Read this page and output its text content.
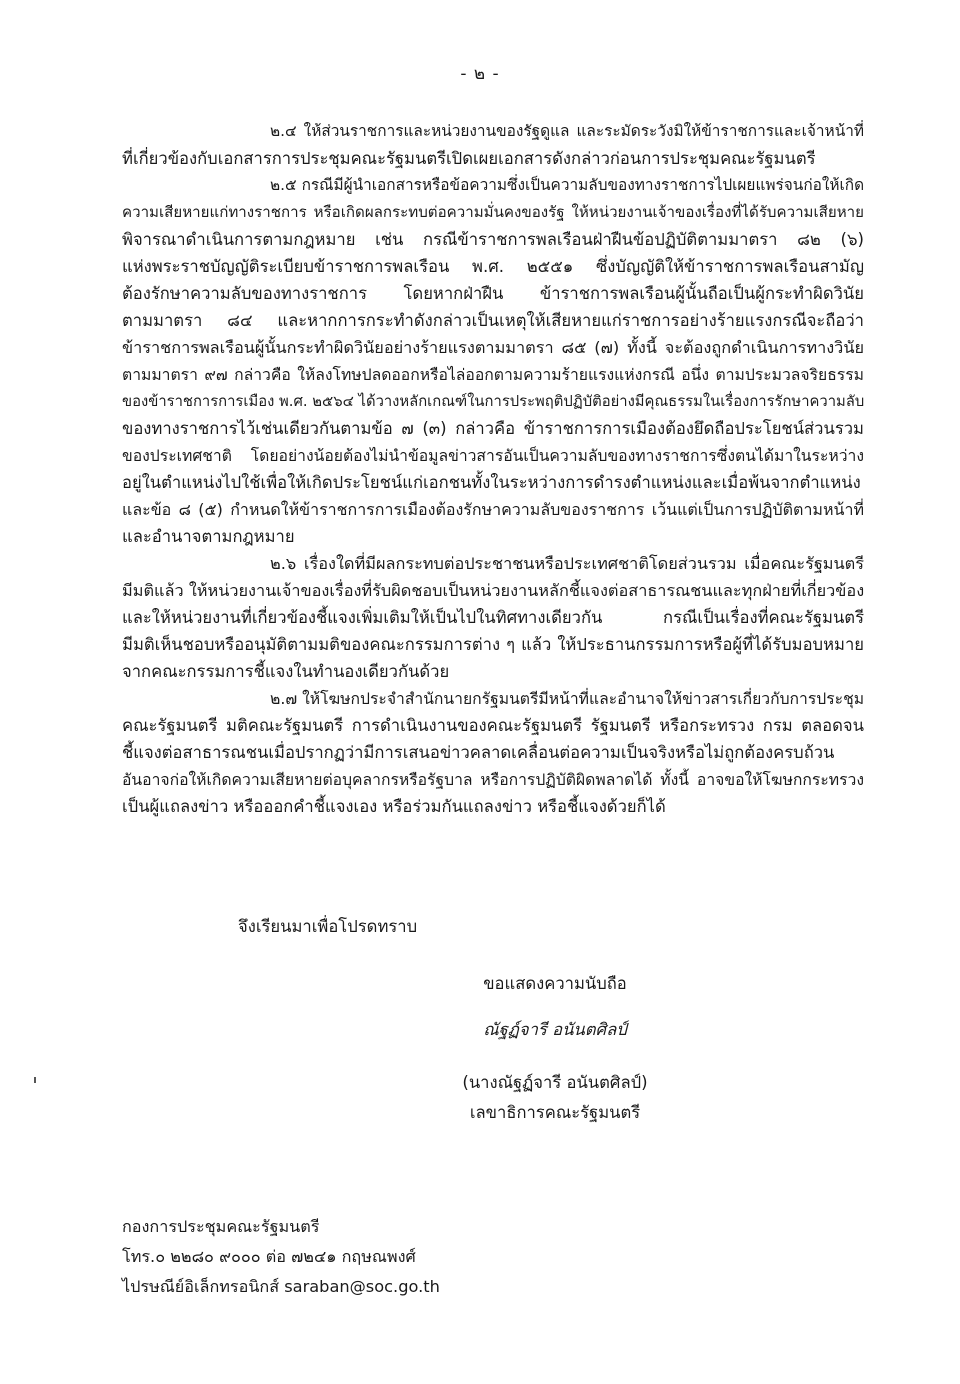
- ๒ -
๒.๔ ให้ส่วนราชการและหน่วยงานของรัฐดูแล และระมัดระวังมิให้ข้าราชการและเจ้าหน้าที่
ที่เกี่ยวข้องกับเอกสารการประชุมคณะรัฐมนตรีเปิดเผยเอกสารดังกล่าวก่อนการประชุมคณะรัฐมนตรี
๒.๕ กรณีมีผู้นำเอกสารหรือข้อความซึ่งเป็นความลับของทางราชการไปเผยแพร่จนก่อให้เกิด
ความเสียหายแก่ทางราชการ หรือเกิดผลกระทบต่อความมั่นคงของรัฐ ให้หน่วยงานเจ้าของเรื่องที่ได้รับความเสียหาย
พิจารณาดำเนินการตามกฎหมาย เช่น กรณีข้าราชการพลเรือนฝ่าฝืนข้อปฏิบัติตามมาตรา ๘๒ (๖)
แห่งพระราชบัญญัติระเบียบข้าราชการพลเรือน พ.ศ. ๒๕๕๑ ซึ่งบัญญัติให้ข้าราชการพลเรือนสามัญ
ต้องรักษาความลับของทางราชการ โดยหากฝ่าฝืน ข้าราชการพลเรือนผู้นั้นถือเป็นผู้กระทำผิดวินัย
ตามมาตรา ๘๔ และหากการกระทำดังกล่าวเป็นเหตุให้เสียหายแก่ราชการอย่างร้ายแรงกรณีจะถือว่า
ข้าราชการพลเรือนผู้นั้นกระทำผิดวินัยอย่างร้ายแรงตามมาตรา ๘๕ (๗) ทั้งนี้ จะต้องถูกดำเนินการทางวินัย
ตามมาตรา ๙๗ กล่าวคือ ให้ลงโทษปลดออกหรือไล่ออกตามความร้ายแรงแห่งกรณี อนึ่ง ตามประมวลจริยธรรม
ของข้าราชการการเมือง พ.ศ. ๒๕๖๔ ได้วางหลักเกณฑ์ในการประพฤติปฏิบัติอย่างมีคุณธรรมในเรื่องการรักษาความลับ
ของทางราชการไว้เช่นเดียวกันตามข้อ ๗ (๓) กล่าวคือ ข้าราชการการเมืองต้องยึดถือประโยชน์ส่วนรวม
ของประเทศชาติ โดยอย่างน้อยต้องไม่นำข้อมูลข่าวสารอันเป็นความลับของทางราชการซึ่งตนได้มาในระหว่าง
อยู่ในตำแหน่งไปใช้เพื่อให้เกิดประโยชน์แก่เอกชนทั้งในระหว่างการดำรงตำแหน่งและเมื่อพ้นจากตำแหน่ง
และข้อ ๘ (๕) กำหนดให้ข้าราชการการเมืองต้องรักษาความลับของราชการ เว้นแต่เป็นการปฏิบัติตามหน้าที่
และอำนาจตามกฎหมาย
๒.๖ เรื่องใดที่มีผลกระทบต่อประชาชนหรือประเทศชาติโดยส่วนรวม เมื่อคณะรัฐมนตรี
มีมติแล้ว ให้หน่วยงานเจ้าของเรื่องที่รับผิดชอบเป็นหน่วยงานหลักชี้แจงต่อสาธารณชนและทุกฝ่ายที่เกี่ยวข้อง
และให้หน่วยงานที่เกี่ยวข้องชี้แจงเพิ่มเติมให้เป็นไปในทิศทางเดียวกัน กรณีเป็นเรื่องที่คณะรัฐมนตรี
มีมติเห็นชอบหรืออนุมัติตามมติของคณะกรรมการต่าง ๆ แล้ว ให้ประธานกรรมการหรือผู้ที่ได้รับมอบหมาย
จากคณะกรรมการชี้แจงในทำนองเดียวกันด้วย
๒.๗ ให้โฆษกประจำสำนักนายกรัฐมนตรีมีหน้าที่และอำนาจให้ข่าวสารเกี่ยวกับการประชุม
คณะรัฐมนตรี มติคณะรัฐมนตรี การดำเนินงานของคณะรัฐมนตรี รัฐมนตรี หรือกระทรวง กรม ตลอดจน
ชี้แจงต่อสาธารณชนเมื่อปรากฏว่ามีการเสนอข่าวคลาดเคลื่อนต่อความเป็นจริงหรือไม่ถูกต้องครบถ้วน
อันอาจก่อให้เกิดความเสียหายต่อบุคลากรหรือรัฐบาล หรือการปฏิบัติผิดพลาดได้ ทั้งนี้ อาจขอให้โฆษกกระทรวง
เป็นผู้แถลงข่าว หรือออกคำชี้แจงเอง หรือร่วมกันแถลงข่าว หรือชี้แจงด้วยก็ได้
จึงเรียนมาเพื่อโปรดทราบ
ขอแสดงความนับถือ
ณัฐฏ์จารี อนันตศิลป์
(นางณัฐฏ์จารี อนันตศิลป์)
เลขาธิการคณะรัฐมนตรี
กองการประชุมคณะรัฐมนตรี
โทร.๐ ๒๒๘๐ ๙๐๐๐ ต่อ ๗๒๔๑ กฤษณพงศ์
ไปรษณีย์อิเล็กทรอนิกส์ saraban@soc.go.th
